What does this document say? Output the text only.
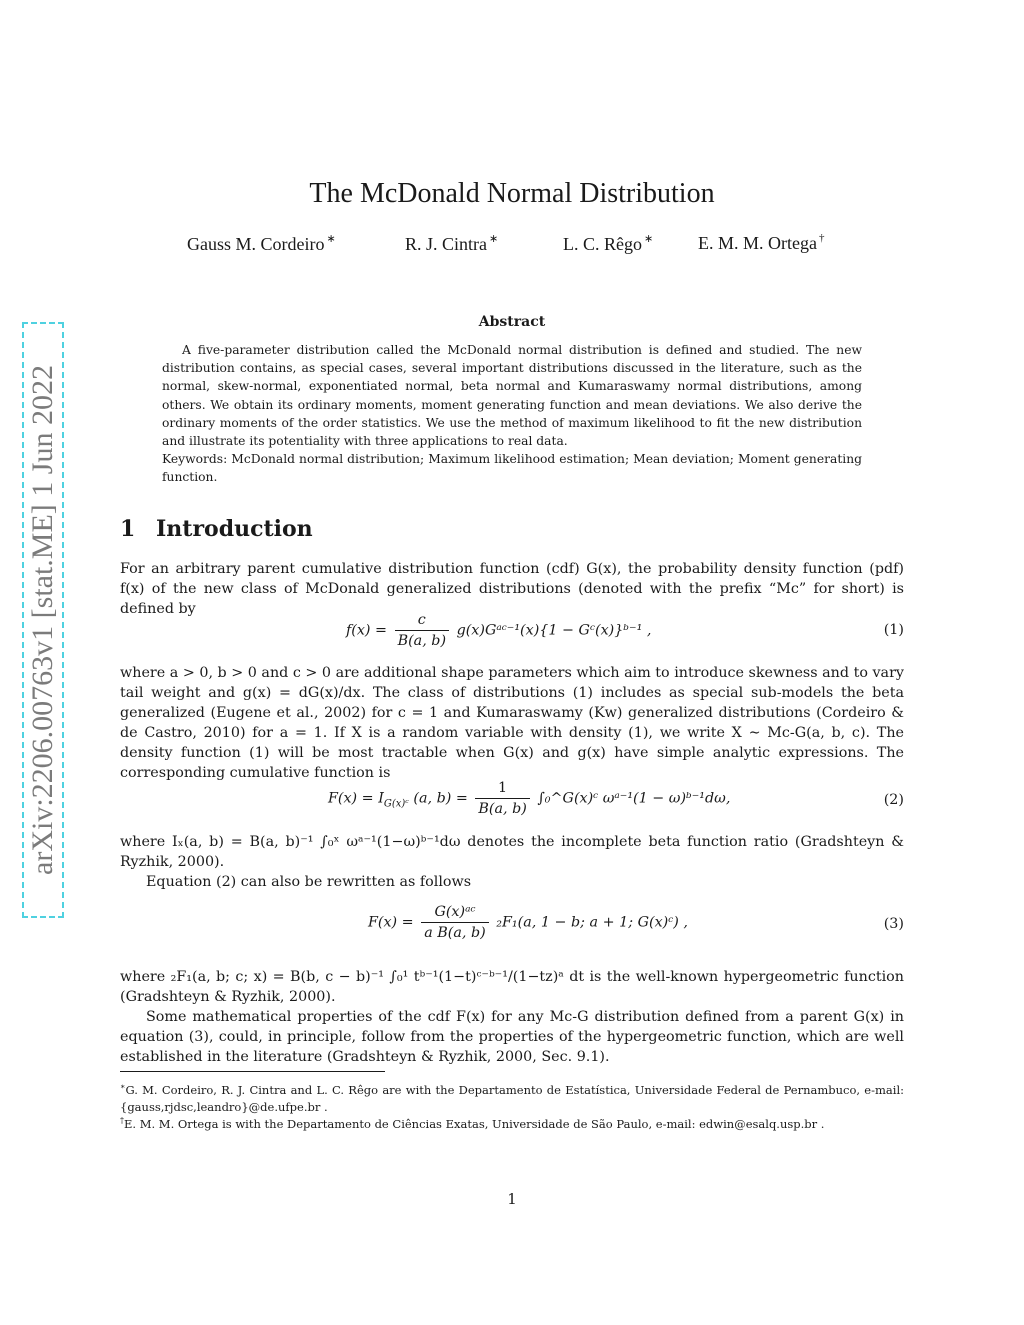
arXiv:2206.00763v1 [stat.ME] 1 Jun 2022
The McDonald Normal Distribution
Gauss M. Cordeiro ∗	R. J. Cintra ∗	L. C. Rêgo ∗ E. M. M. Ortega †
Abstract

A five-parameter distribution called the McDonald normal distribution is defined and studied. The new distribution contains, as special cases, several important distributions discussed in the literature, such as the normal, skew-normal, exponentiated normal, beta normal and Kumaraswamy normal distributions, among others. We obtain its ordinary moments, moment generating function and mean deviations. We also derive the ordinary moments of the order statistics. We use the method of maximum likelihood to fit the new distribution and illustrate its potentiality with three applications to real data.

Keywords: McDonald normal distribution; Maximum likelihood estimation; Mean deviation; Moment generating function.

1 Introduction

For an arbitrary parent cumulative distribution function (cdf) G(x), the probability density function (pdf) f(x) of the new class of McDonald generalized distributions (denoted with the prefix “Mc” for short) is defined by

$f(x) = \frac{c}{B(a, b)}$ g(x)Gᵃᶜ⁻¹(x){1 − Gᶜ(x)}ᵇ⁻¹ ,	(1)

where a > 0, b > 0 and c > 0 are additional shape parameters which aim to introduce skewness and to vary tail weight and g(x) = dG(x)/dx. The class of distributions (1) includes as special sub-models the beta generalized (Eugene et al., 2002) for c = 1 and Kumaraswamy (Kw) generalized distributions (Cordeiro & de Castro, 2010) for a = 1. If X is a random variable with density (1), we write X ∼ Mc-G(a, b, c). The density function (1) will be most tractable when G(x) and g(x) have simple analytic expressions. The corresponding cumulative function is

$F(x) = I_{G(x)ᶜ}$ (a, $b) = \frac{1}{B(a, b)}$ ∫₀^G(x)ᶜ ωᵃ⁻¹(1 − ω)ᵇ⁻¹dω,	(2)

where Iₓ(a, b) = B(a, b)⁻¹ ∫₀ˣ ωᵃ⁻¹(1−ω)ᵇ⁻¹dω denotes the incomplete beta function ratio (Gradshteyn & Ryzhik, 2000).

Equation (2) can also be rewritten as follows

$F(x) = \frac{\text{G(x)ᵃᶜ}}{\text{a B(a, b)}} _2F_1(a$, 1 − b; a + 1; G(x)ᶜ) ,	(3)

where ₂F₁(a, b; c; x) = B(b, c − b)⁻¹ ∫₀¹ tᵇ⁻¹(1−t)ᶜ⁻ᵇ⁻¹/(1−tz)ᵃ dt is the well-known hypergeometric function (Gradshteyn & Ryzhik, 2000).

Some mathematical properties of the cdf F(x) for any Mc-G distribution defined from a parent G(x) in equation (3), could, in principle, follow from the properties of the hypergeometric function, which are well established in the literature (Gradshteyn & Ryzhik, 2000, Sec. 9.1).

∗G. M. Cordeiro, R. J. Cintra and L. C. Rêgo are with the Departamento de Estatística, Universidade Federal de Pernambuco, e-mail: {gauss,rjdsc,leandro}@de.ufpe.br .

†E. M. M. Ortega is with the Departamento de Ciências Exatas, Universidade de São Paulo, e-mail: edwin@esalq.usp.br .

1
